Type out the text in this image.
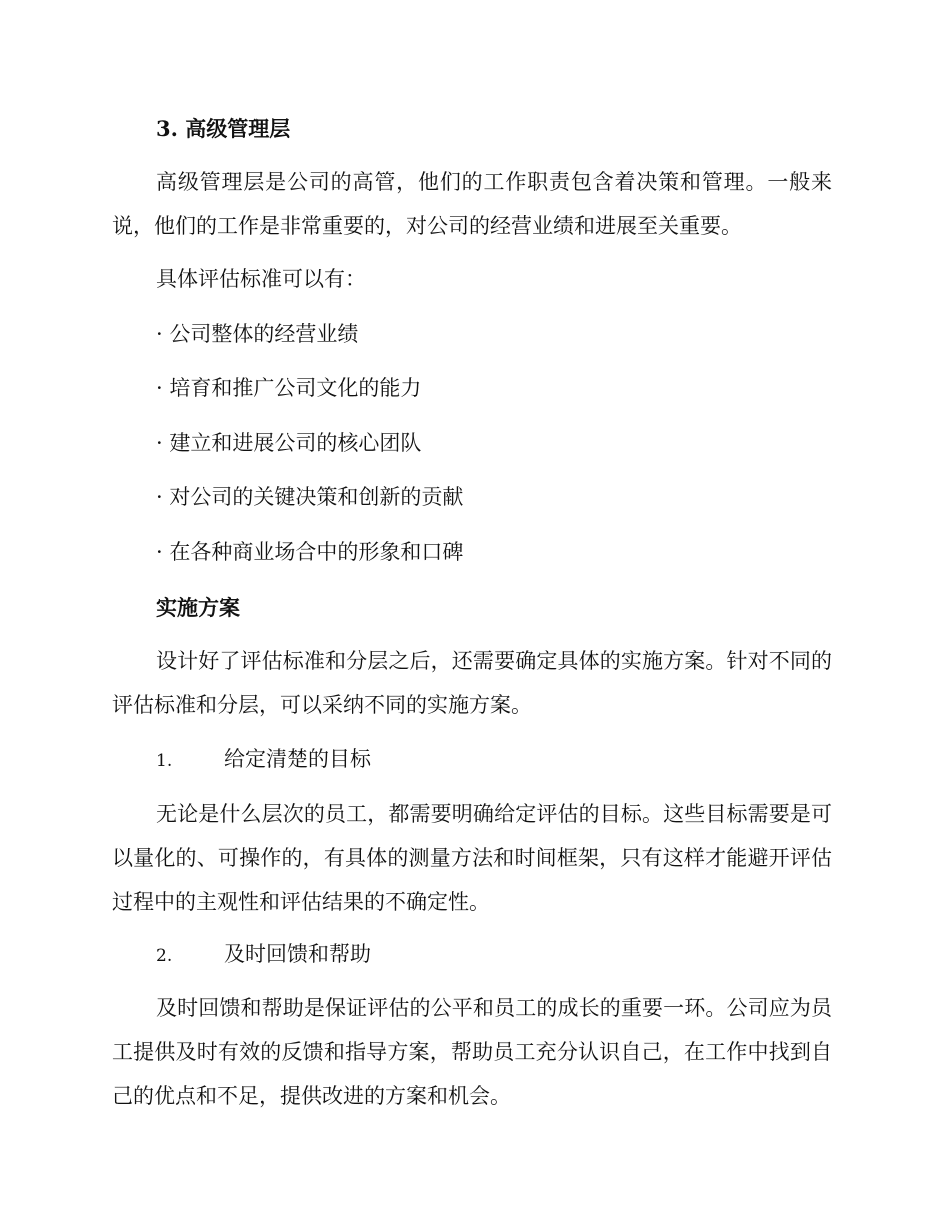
3. 高级管理层
高级管理层是公司的高管，他们的工作职责包含着决策和管理。一般来说，他们的工作是非常重要的，对公司的经营业绩和进展至关重要。
具体评估标准可以有：
· 公司整体的经营业绩
· 培育和推广公司文化的能力
· 建立和进展公司的核心团队
· 对公司的关键决策和创新的贡献
· 在各种商业场合中的形象和口碑
实施方案
设计好了评估标准和分层之后，还需要确定具体的实施方案。针对不同的评估标准和分层，可以采纳不同的实施方案。
1. 给定清楚的目标
无论是什么层次的员工，都需要明确给定评估的目标。这些目标需要是可以量化的、可操作的，有具体的测量方法和时间框架，只有这样才能避开评估过程中的主观性和评估结果的不确定性。
2. 及时回馈和帮助
及时回馈和帮助是保证评估的公平和员工的成长的重要一环。公司应为员工提供及时有效的反馈和指导方案，帮助员工充分认识自己，在工作中找到自己的优点和不足，提供改进的方案和机会。
